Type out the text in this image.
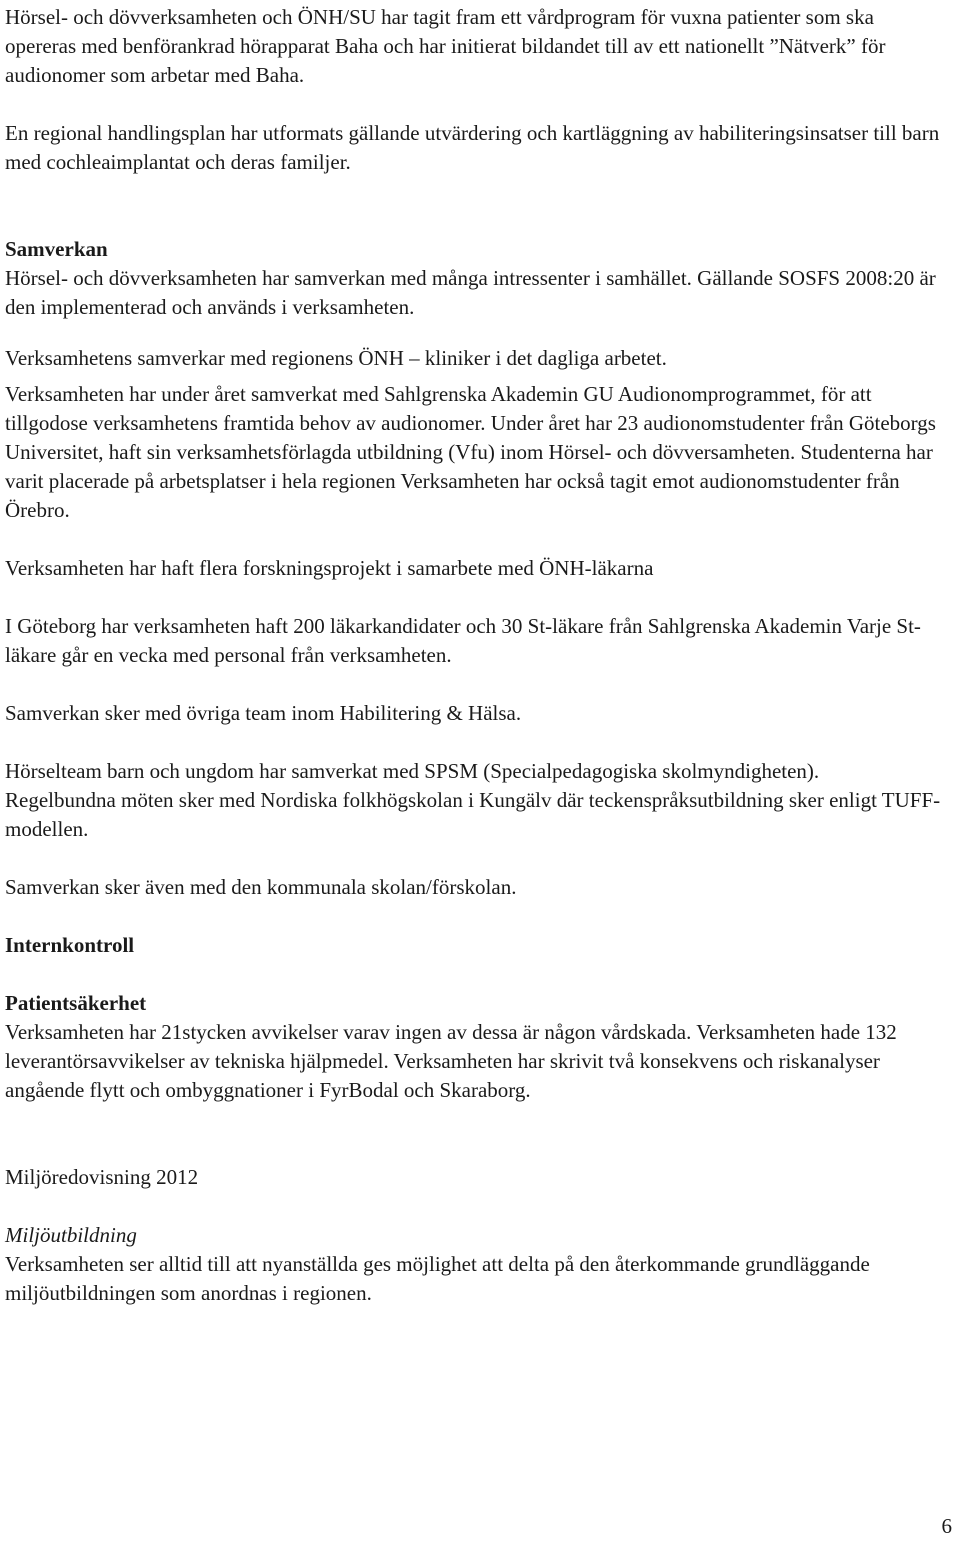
Hörsel- och dövverksamheten och ÖNH/SU har tagit fram ett vårdprogram för vuxna patienter som ska opereras med benförankrad hörapparat Baha och har initierat bildandet till av ett nationellt ”Nätverk” för audionomer som arbetar med Baha.

En regional handlingsplan har utformats gällande utvärdering och kartläggning av habiliteringsinsatser till barn med cochleaimplantat och deras familjer.

Samverkan

Hörsel- och dövverksamheten har samverkan med många intressenter i samhället. Gällande SOSFS 2008:20 är den implementerad och används i verksamheten.

Verksamhetens samverkar med regionens ÖNH – kliniker i det dagliga arbetet.

Verksamheten har under året samverkat med Sahlgrenska Akademin GU Audionomprogrammet, för att tillgodose verksamhetens framtida behov av audionomer. Under året har 23 audionomstudenter från Göteborgs Universitet, haft sin verksamhetsförlagda utbildning (Vfu) inom Hörsel- och dövversamheten. Studenterna har varit placerade på arbetsplatser i hela regionen Verksamheten har också tagit emot audionomstudenter från Örebro.

Verksamheten har haft flera forskningsprojekt i samarbete med ÖNH-läkarna

I Göteborg har verksamheten haft 200 läkarkandidater och 30 St-läkare från Sahlgrenska Akademin Varje St- läkare går en vecka med personal från verksamheten.

Samverkan sker med övriga team inom Habilitering & Hälsa.

Hörselteam barn och ungdom har samverkat med SPSM (Specialpedagogiska skolmyndigheten).

Regelbundna möten sker med Nordiska folkhögskolan i Kungälv där teckenspråksutbildning sker enligt TUFF-modellen.

Samverkan sker även med den kommunala skolan/förskolan.

Internkontroll

Patientsäkerhet

Verksamheten har 21stycken avvikelser varav ingen av dessa är någon vårdskada. Verksamheten hade 132 leverantörsavvikelser av tekniska hjälpmedel. Verksamheten har skrivit två konsekvens och riskanalyser angående flytt och ombyggnationer i FyrBodal och Skaraborg.

Miljöredovisning 2012

Miljöutbildning

Verksamheten ser alltid till att nyanställda ges möjlighet att delta på den återkommande grundläggande miljöutbildningen som anordnas i regionen.

6
